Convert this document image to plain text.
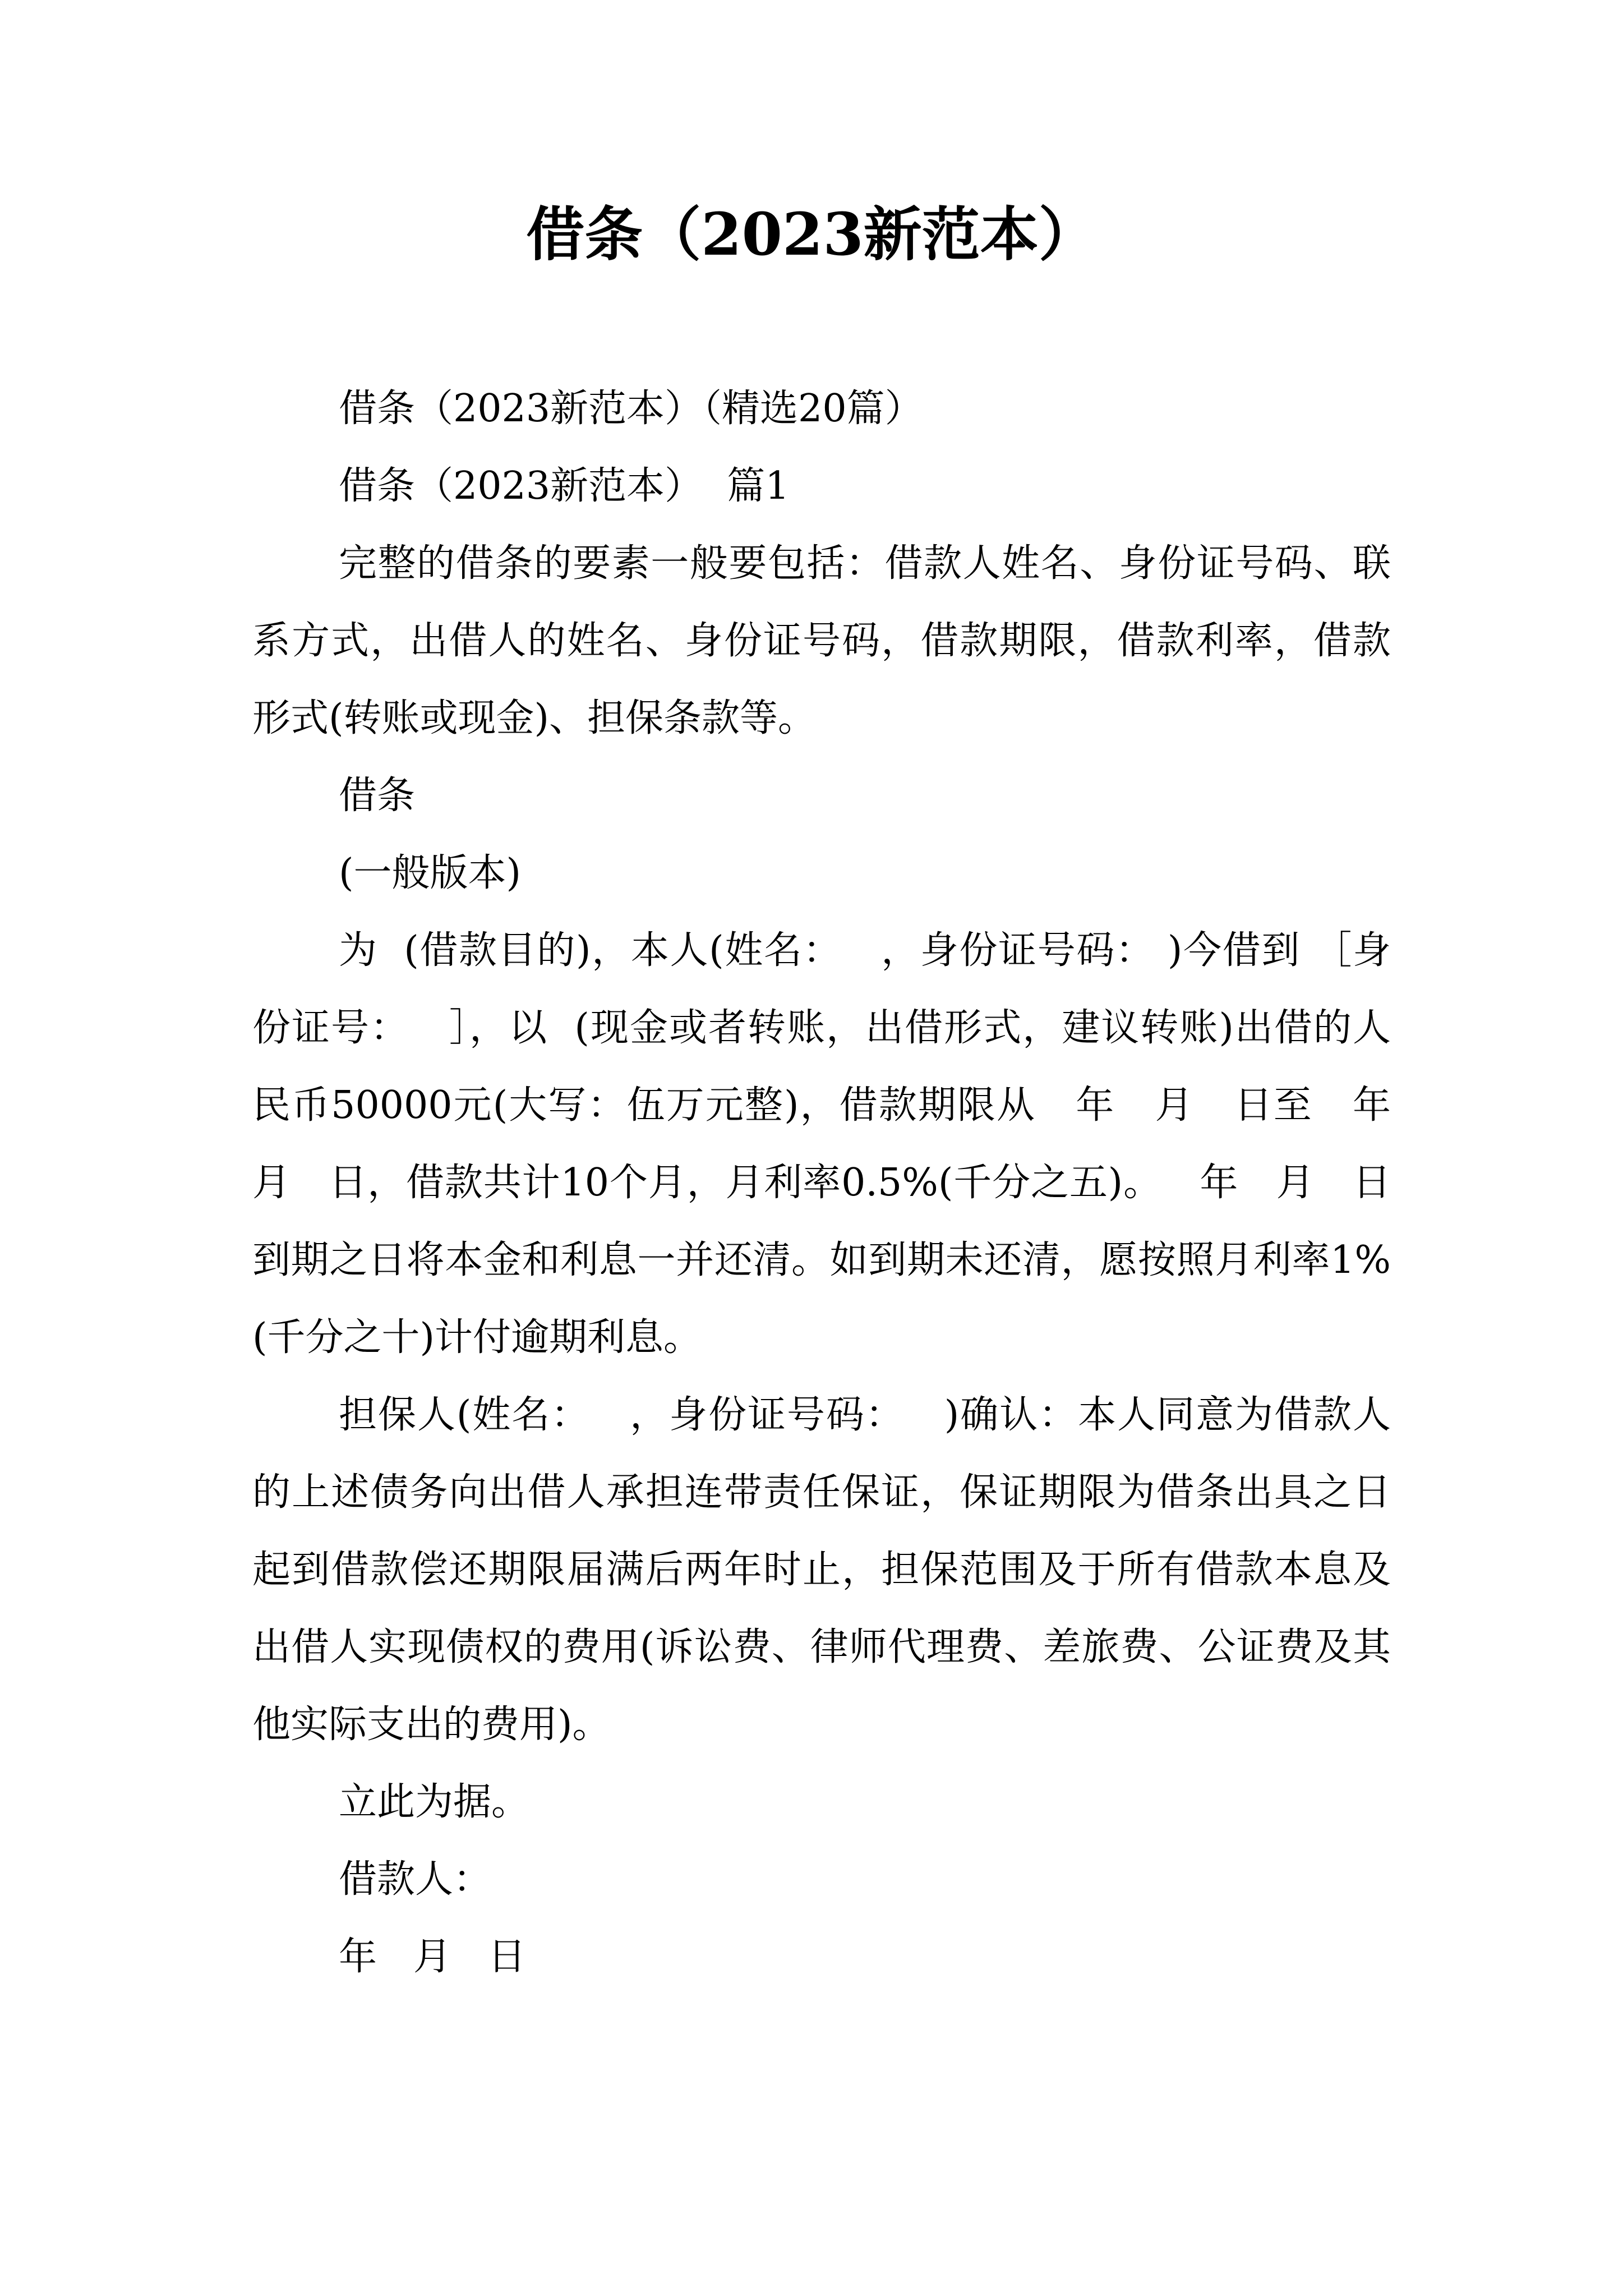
借条（2023新范本）

借条（2023新范本）（精选20篇）

借条（2023新范本）  篇1

完整的借条的要素一般要包括：借款人姓名、身份证号码、联系方式，出借人的姓名、身份证号码，借款期限，借款利率，借款形式(转账或现金)、担保条款等。

借条

(一般版本)

为  (借款目的)，本人(姓名：   ，身份证号码： )今借到 ［身份证号：   ］，以  (现金或者转账，出借形式，建议转账)出借的人民币50000元(大写：伍万元整)，借款期限从   年   月   日至   年   月   日，借款共计10个月，月利率0.5%(千分之五)。   年   月   日到期之日将本金和利息一并还清。如到期未还清，愿按照月利率1%(千分之十)计付逾期利息。

担保人(姓名：   ，身份证号码：   )确认：本人同意为借款人的上述债务向出借人承担连带责任保证，保证期限为借条出具之日起到借款偿还期限届满后两年时止，担保范围及于所有借款本息及出借人实现债权的费用(诉讼费、律师代理费、差旅费、公证费及其他实际支出的费用)。

立此为据。

借款人：

年   月   日
